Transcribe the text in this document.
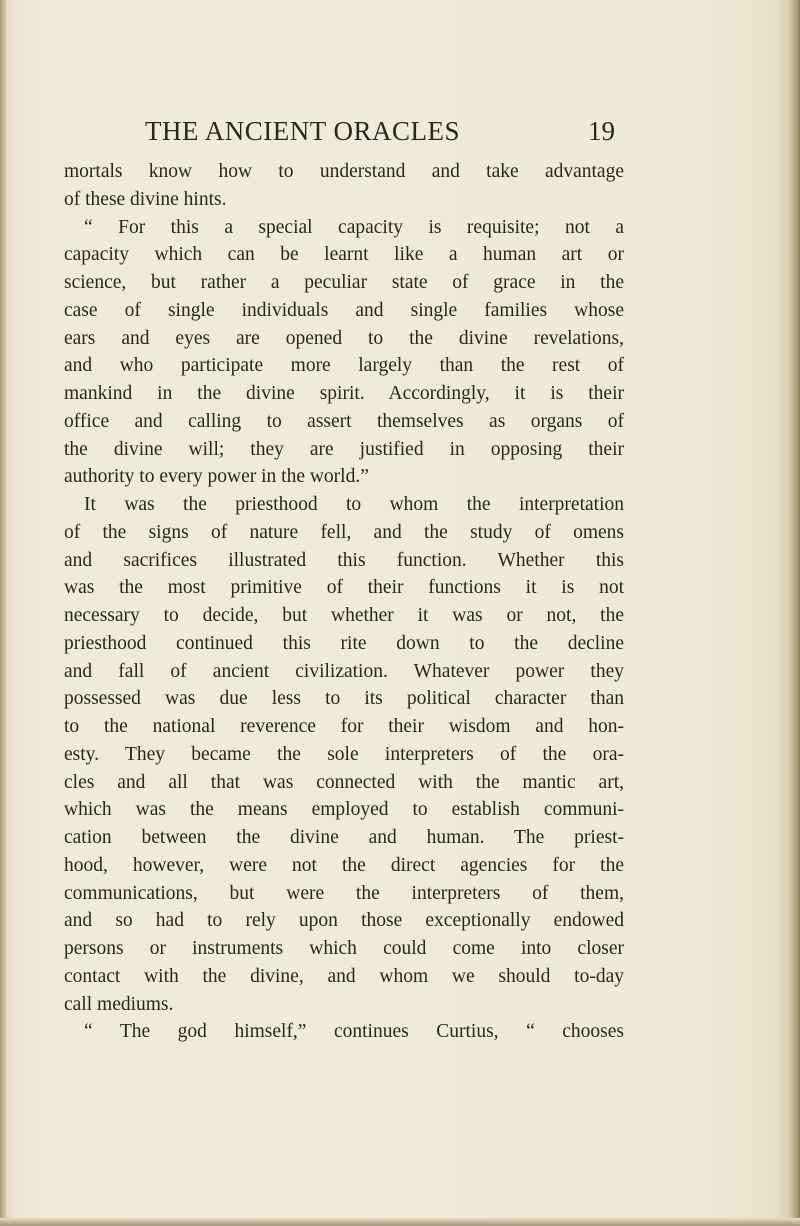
THE ANCIENT ORACLES	19
mortals know how to understand and take advantage
of these divine hints.
“ For this a special capacity is requisite; not a
capacity which can be learnt like a human art or
science, but rather a peculiar state of grace in the
case of single individuals and single families whose
ears and eyes are opened to the divine revelations,
and who participate more largely than the rest of
mankind in the divine spirit. Accordingly, it is their
office and calling to assert themselves as organs of
the divine will; they are justified in opposing their
authority to every power in the world.”
It was the priesthood to whom the interpretation
of the signs of nature fell, and the study of omens
and sacrifices illustrated this function. Whether this
was the most primitive of their functions it is not
necessary to decide, but whether it was or not, the
priesthood continued this rite down to the decline
and fall of ancient civilization. Whatever power they
possessed was due less to its political character than
to the national reverence for their wisdom and hon-
esty. They became the sole interpreters of the ora-
cles and all that was connected with the mantic art,
which was the means employed to establish communi-
cation between the divine and human. The priest-
hood, however, were not the direct agencies for the
communications, but were the interpreters of them,
and so had to rely upon those exceptionally endowed
persons or instruments which could come into closer
contact with the divine, and whom we should to-day
call mediums.
“ The god himself,” continues Curtius, “ chooses
